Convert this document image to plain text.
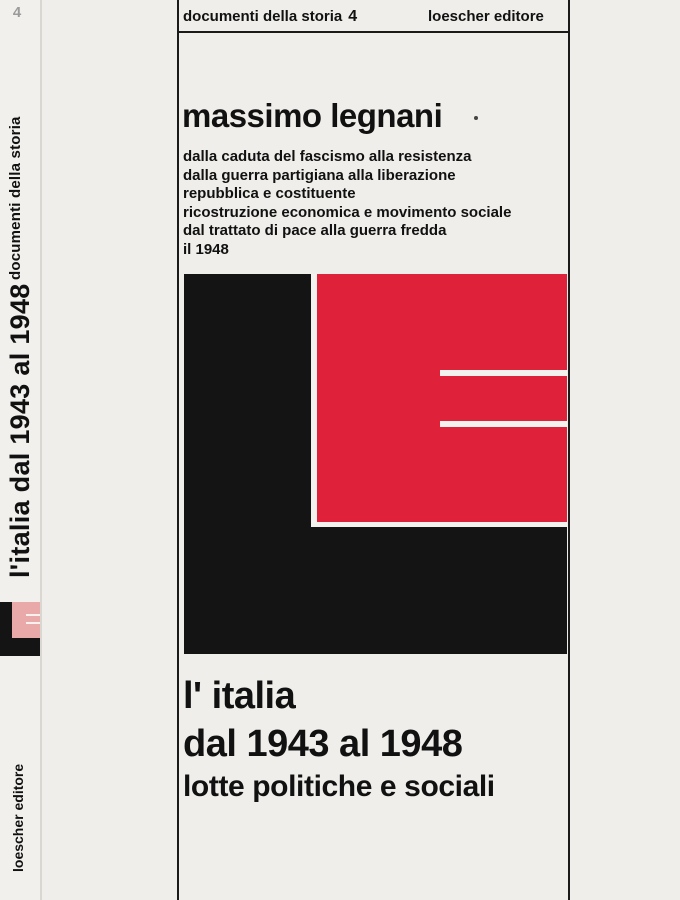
4
documenti della storia
l'italia dal 1943 al 1948
loescher editore
documenti della storia 4	loescher editore
massimo legnani
dalla caduta del fascismo alla resistenza
dalla guerra partigiana alla liberazione
repubblica e costituente
ricostruzione economica e movimento sociale
dal trattato di pace alla guerra fredda
il 1948
l' italia
dal 1943 al 1948
lotte politiche e sociali
